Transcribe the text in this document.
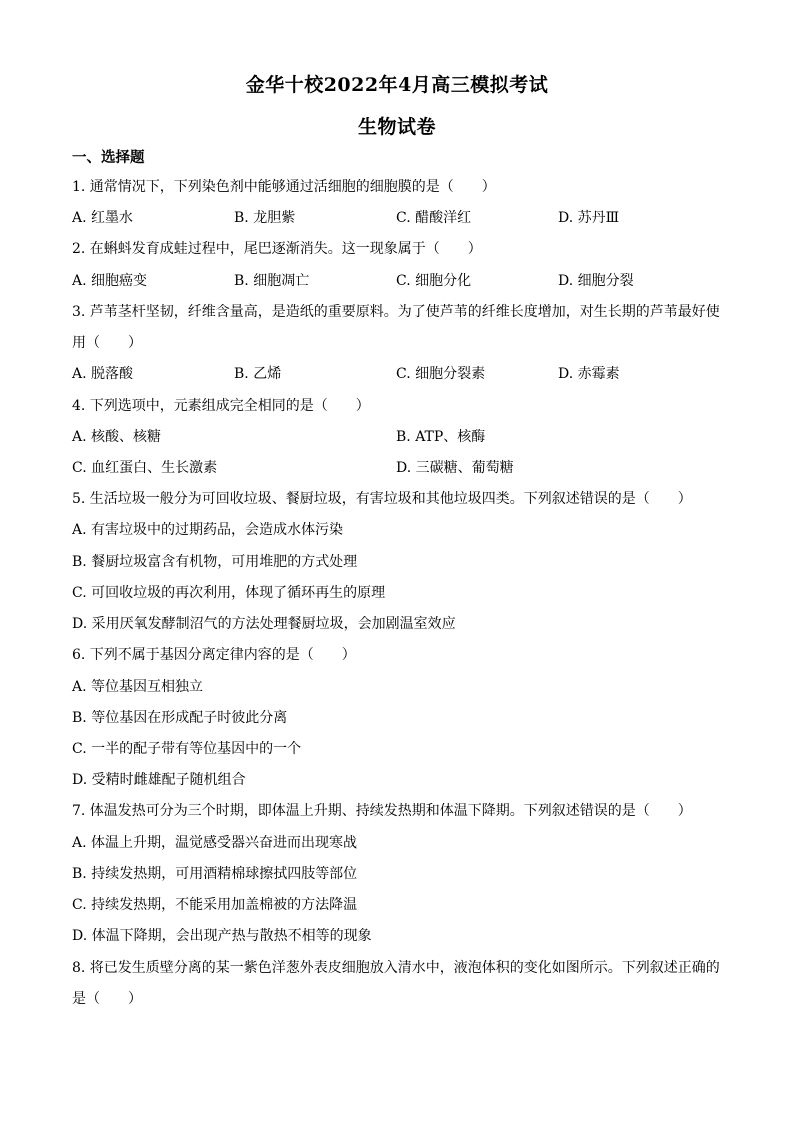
金华十校2022年4月高三模拟考试
生物试卷
一、选择题
1. 通常情况下，下列染色剂中能够通过活细胞的细胞膜的是（　　）
A. 红墨水	B. 龙胆紫	C. 醋酸洋红	D. 苏丹Ⅲ
2. 在蝌蚪发育成蛙过程中，尾巴逐渐消失。这一现象属于（　　）
A. 细胞癌变	B. 细胞凋亡	C. 细胞分化	D. 细胞分裂
3. 芦苇茎杆坚韧，纤维含量高，是造纸的重要原料。为了使芦苇的纤维长度增加，对生长期的芦苇最好使
用（　　）
A. 脱落酸	B. 乙烯	C. 细胞分裂素	D. 赤霉素
4. 下列选项中，元素组成完全相同的是（　　）
A. 核酸、核糖	B. ATP、核酶
C. 血红蛋白、生长激素	D. 三碳糖、葡萄糖
5. 生活垃圾一般分为可回收垃圾、餐厨垃圾，有害垃圾和其他垃圾四类。下列叙述错误的是（　　）
A. 有害垃圾中的过期药品，会造成水体污染
B. 餐厨垃圾富含有机物，可用堆肥的方式处理
C. 可回收垃圾的再次利用，体现了循环再生的原理
D. 采用厌氧发酵制沼气的方法处理餐厨垃圾，会加剧温室效应
6. 下列不属于基因分离定律内容的是（　　）
A. 等位基因互相独立
B. 等位基因在形成配子时彼此分离
C. 一半的配子带有等位基因中的一个
D. 受精时雌雄配子随机组合
7. 体温发热可分为三个时期，即体温上升期、持续发热期和体温下降期。下列叙述错误的是（　　）
A. 体温上升期，温觉感受器兴奋进而出现寒战
B. 持续发热期，可用酒精棉球擦拭四肢等部位
C. 持续发热期，不能采用加盖棉被的方法降温
D. 体温下降期，会出现产热与散热不相等的现象
8. 将已发生质壁分离的某一紫色洋葱外表皮细胞放入清水中，液泡体积的变化如图所示。下列叙述正确的
是（　　）
